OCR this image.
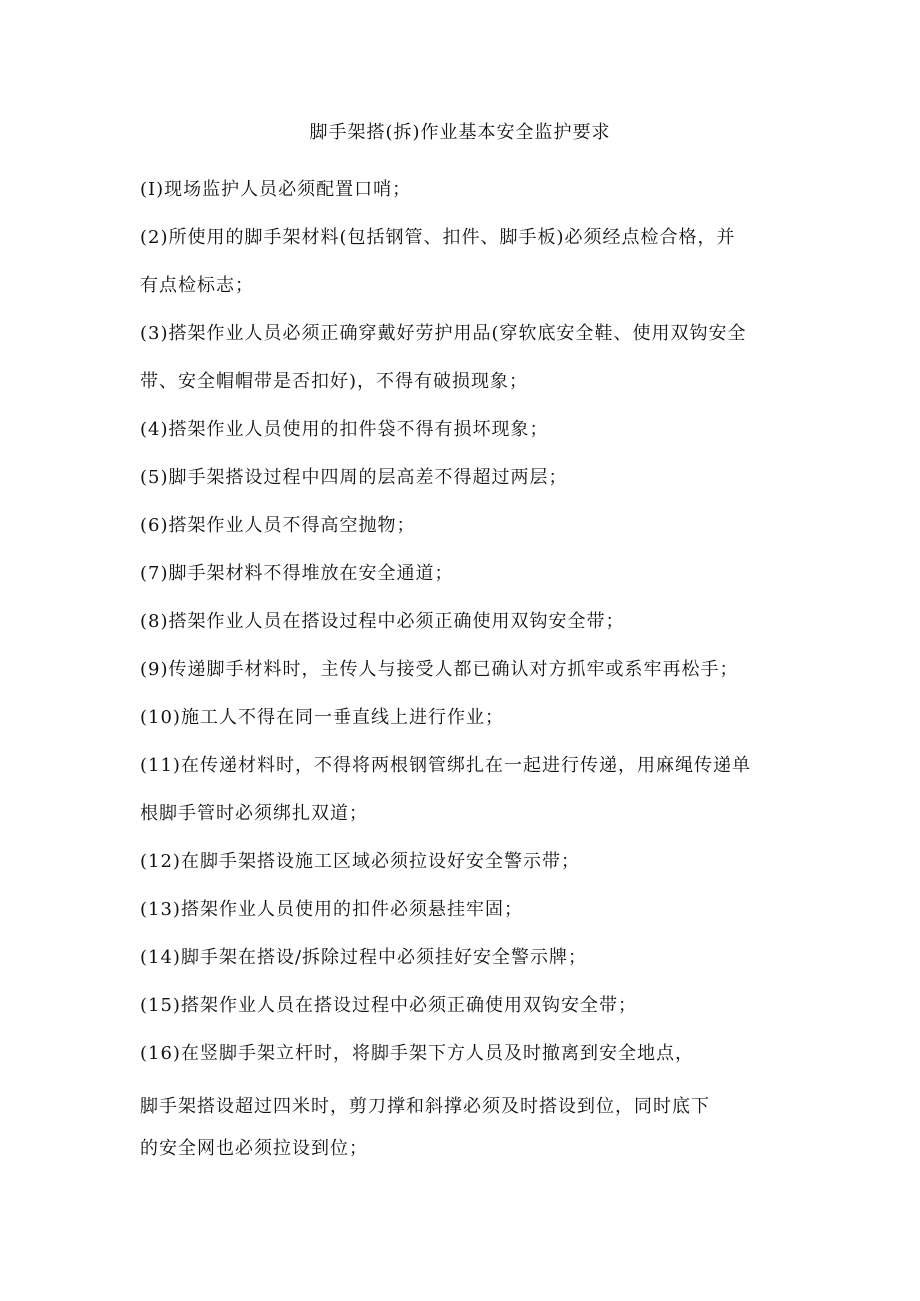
脚手架搭(拆)作业基本安全监护要求
(I)现场监护人员必须配置口哨；
(2)所使用的脚手架材料(包括钢管、扣件、脚手板)必须经点检合格，并
有点检标志；
(3)搭架作业人员必须正确穿戴好劳护用品(穿软底安全鞋、使用双钩安全
带、安全帽帽带是否扣好)，不得有破损现象；
(4)搭架作业人员使用的扣件袋不得有损坏现象；
(5)脚手架搭设过程中四周的层高差不得超过两层；
(6)搭架作业人员不得高空抛物；
(7)脚手架材料不得堆放在安全通道；
(8)搭架作业人员在搭设过程中必须正确使用双钩安全带；
(9)传递脚手材料时，主传人与接受人都已确认对方抓牢或系牢再松手；
(10)施工人不得在同一垂直线上进行作业；
(11)在传递材料时，不得将两根钢管绑扎在一起进行传递，用麻绳传递单
根脚手管时必须绑扎双道；
(12)在脚手架搭设施工区域必须拉设好安全警示带；
(13)搭架作业人员使用的扣件必须悬挂牢固；
(14)脚手架在搭设/拆除过程中必须挂好安全警示牌；
(15)搭架作业人员在搭设过程中必须正确使用双钩安全带；
(16)在竖脚手架立杆时，将脚手架下方人员及时撤离到安全地点，
脚手架搭设超过四米时，剪刀撑和斜撑必须及时搭设到位，同时底下
的安全网也必须拉设到位；
